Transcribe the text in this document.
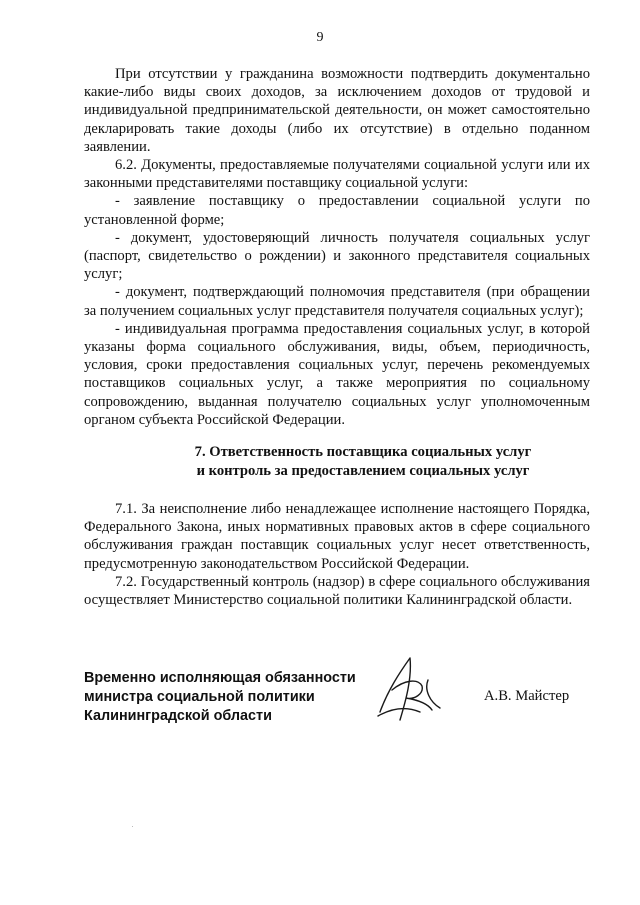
9

При отсутствии у гражданина возможности подтвердить документально какие-либо виды своих доходов, за исключением доходов от трудовой и индивидуальной предпринимательской деятельности, он может самостоятельно декларировать такие доходы (либо их отсутствие) в отдельно поданном заявлении.

6.2. Документы, предоставляемые получателями социальной услуги или их законными представителями поставщику социальной услуги:

- заявление поставщику о предоставлении социальной услуги по установленной форме;

- документ, удостоверяющий личность получателя социальных услуг (паспорт, свидетельство о рождении) и законного представителя социальных услуг;

- документ, подтверждающий полномочия представителя (при обращении за получением социальных услуг представителя получателя социальных услуг);

- индивидуальная программа предоставления социальных услуг, в которой указаны форма социального обслуживания, виды, объем, периодичность, условия, сроки предоставления социальных услуг, перечень рекомендуемых поставщиков социальных услуг, а также мероприятия по социальному сопровождению, выданная получателю социальных услуг уполномоченным органом субъекта Российской Федерации.

7. Ответственность поставщика социальных услуг
и контроль за предоставлением социальных услуг

7.1. За неисполнение либо ненадлежащее исполнение настоящего Порядка, Федерального Закона, иных нормативных правовых актов в сфере социального обслуживания граждан поставщик социальных услуг несет ответственность, предусмотренную законодательством Российской Федерации.

7.2. Государственный контроль (надзор) в сфере социального обслуживания осуществляет Министерство социальной политики Калининградской области.

Временно исполняющая обязанности
министра социальной политики
Калининградской области
А.В. Майстер
